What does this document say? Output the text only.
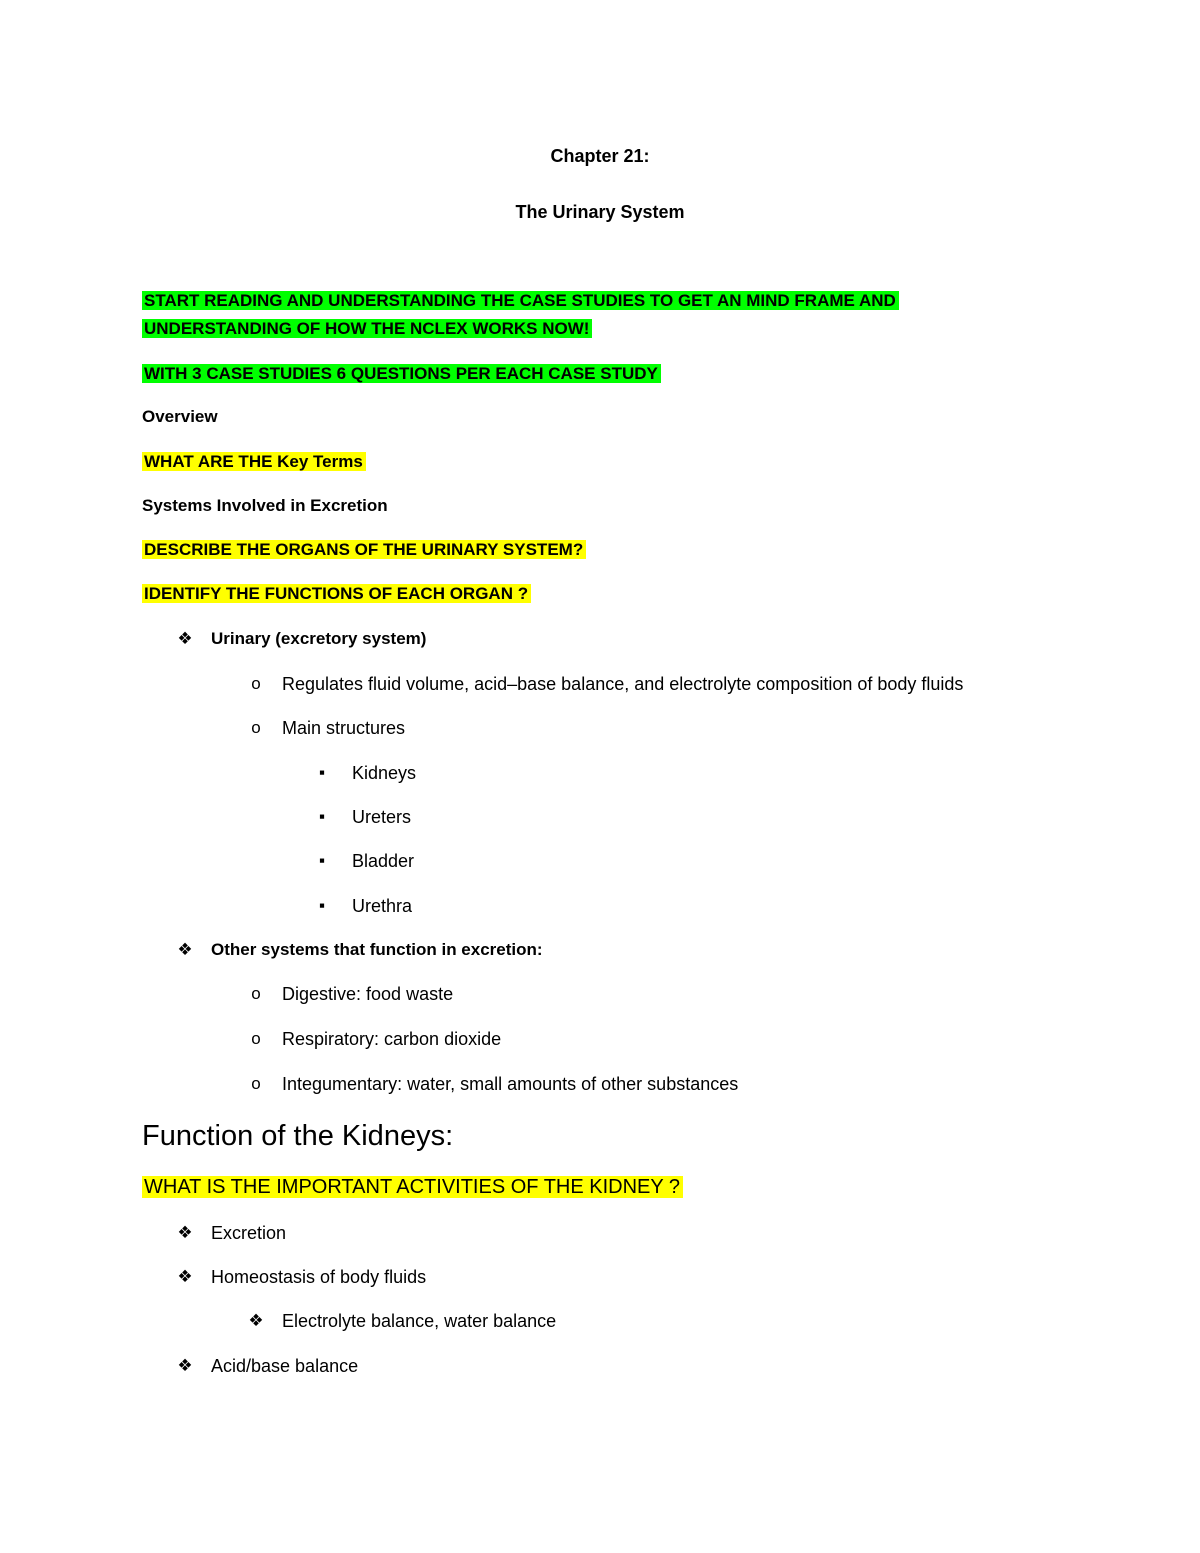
Chapter 21:
The Urinary System
START READING AND UNDERSTANDING THE CASE STUDIES TO GET AN MIND FRAME AND UNDERSTANDING OF HOW THE NCLEX WORKS NOW!
WITH 3 CASE STUDIES 6 QUESTIONS PER EACH CASE STUDY
Overview
WHAT ARE THE Key Terms
Systems Involved in Excretion
DESCRIBE THE ORGANS OF THE URINARY SYSTEM?
IDENTIFY THE FUNCTIONS OF EACH ORGAN ?
❖ Urinary (excretory system)
o	Regulates fluid volume, acid–base balance, and electrolyte composition of body fluids
o	Main structures
▪	Kidneys
▪	Ureters
▪	Bladder
▪	Urethra
❖ Other systems that function in excretion:
o	Digestive: food waste
o	Respiratory: carbon dioxide
o	Integumentary: water, small amounts of other substances
Function of the Kidneys:
WHAT IS THE IMPORTANT ACTIVITIES OF THE KIDNEY ?
❖ Excretion
❖ Homeostasis of body fluids
❖ Electrolyte balance, water balance
❖ Acid/base balance
